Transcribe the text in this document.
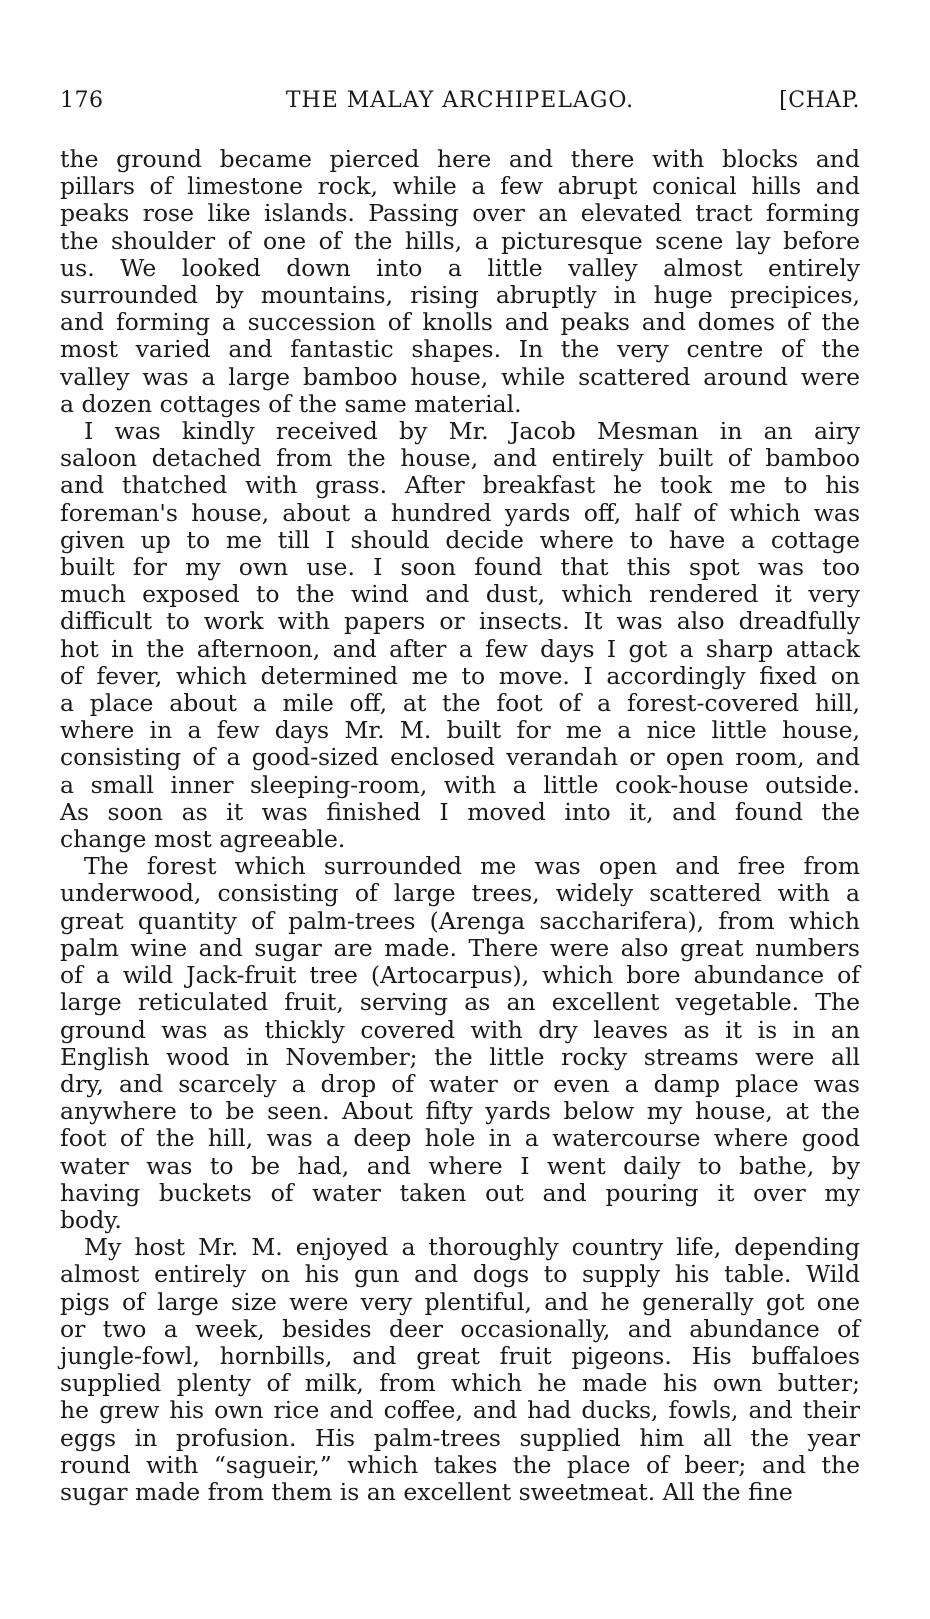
176	THE MALAY ARCHIPELAGO.	[CHAP.
the ground became pierced here and there with blocks and
pillars of limestone rock, while a few abrupt conical hills and
peaks rose like islands. Passing over an elevated tract forming
the shoulder of one of the hills, a picturesque scene lay before
us. We looked down into a little valley almost entirely
surrounded by mountains, rising abruptly in huge precipices,
and forming a succession of knolls and peaks and domes of the
most varied and fantastic shapes. In the very centre of the
valley was a large bamboo house, while scattered around were
a dozen cottages of the same material.
I was kindly received by Mr. Jacob Mesman in an airy
saloon detached from the house, and entirely built of bamboo
and thatched with grass. After breakfast he took me to his
foreman's house, about a hundred yards off, half of which was
given up to me till I should decide where to have a cottage
built for my own use. I soon found that this spot was too
much exposed to the wind and dust, which rendered it very
difficult to work with papers or insects. It was also dreadfully
hot in the afternoon, and after a few days I got a sharp attack
of fever, which determined me to move. I accordingly fixed on
a place about a mile off, at the foot of a forest-covered hill,
where in a few days Mr. M. built for me a nice little house,
consisting of a good-sized enclosed verandah or open room, and
a small inner sleeping-room, with a little cook-house outside.
As soon as it was finished I moved into it, and found the
change most agreeable.
The forest which surrounded me was open and free from
underwood, consisting of large trees, widely scattered with a
great quantity of palm-trees (Arenga saccharifera), from which
palm wine and sugar are made. There were also great numbers
of a wild Jack-fruit tree (Artocarpus), which bore abundance of
large reticulated fruit, serving as an excellent vegetable. The
ground was as thickly covered with dry leaves as it is in an
English wood in November; the little rocky streams were all
dry, and scarcely a drop of water or even a damp place was
anywhere to be seen. About fifty yards below my house, at the
foot of the hill, was a deep hole in a watercourse where good
water was to be had, and where I went daily to bathe, by
having buckets of water taken out and pouring it over my
body.
My host Mr. M. enjoyed a thoroughly country life, depending
almost entirely on his gun and dogs to supply his table. Wild
pigs of large size were very plentiful, and he generally got one
or two a week, besides deer occasionally, and abundance of
jungle-fowl, hornbills, and great fruit pigeons. His buffaloes
supplied plenty of milk, from which he made his own butter;
he grew his own rice and coffee, and had ducks, fowls, and their
eggs in profusion. His palm-trees supplied him all the year
round with “sagueir,” which takes the place of beer; and the
sugar made from them is an excellent sweetmeat. All the fine
